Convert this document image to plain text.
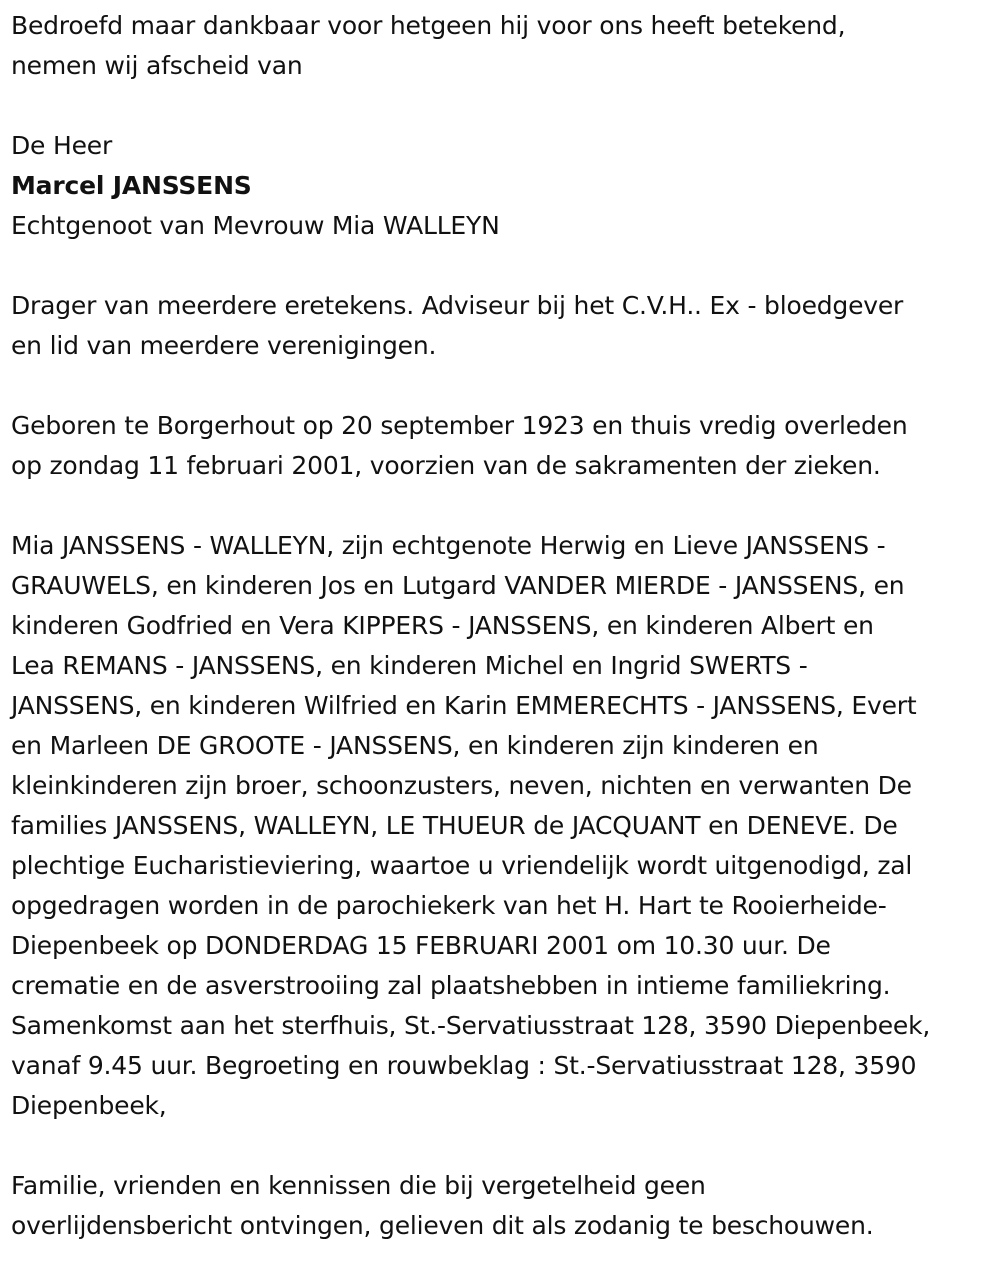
Bedroefd maar dankbaar voor hetgeen hij voor ons heeft betekend,
nemen wij afscheid van

De Heer

Marcel JANSSENS

Echtgenoot van Mevrouw Mia WALLEYN

Drager van meerdere eretekens. Adviseur bij het C.V.H.. Ex - bloedgever
en lid van meerdere verenigingen.

Geboren te Borgerhout op 20 september 1923 en thuis vredig overleden
op zondag 11 februari 2001, voorzien van de sakramenten der zieken.

Mia JANSSENS - WALLEYN, zijn echtgenote Herwig en Lieve JANSSENS -
GRAUWELS, en kinderen Jos en Lutgard VANDER MIERDE - JANSSENS, en
kinderen Godfried en Vera KIPPERS - JANSSENS, en kinderen Albert en
Lea REMANS - JANSSENS, en kinderen Michel en Ingrid SWERTS -
JANSSENS, en kinderen Wilfried en Karin EMMERECHTS - JANSSENS, Evert
en Marleen DE GROOTE - JANSSENS, en kinderen zijn kinderen en
kleinkinderen zijn broer, schoonzusters, neven, nichten en verwanten De
families JANSSENS, WALLEYN, LE THUEUR de JACQUANT en DENEVE. De
plechtige Eucharistieviering, waartoe u vriendelijk wordt uitgenodigd, zal
opgedragen worden in de parochiekerk van het H. Hart te Rooierheide-
Diepenbeek op DONDERDAG 15 FEBRUARI 2001 om 10.30 uur. De
crematie en de asverstrooiing zal plaatshebben in intieme familiekring.
Samenkomst aan het sterfhuis, St.-Servatiusstraat 128, 3590 Diepenbeek,
vanaf 9.45 uur. Begroeting en rouwbeklag : St.-Servatiusstraat 128, 3590
Diepenbeek,

Familie, vrienden en kennissen die bij vergetelheid geen
overlijdensbericht ontvingen, gelieven dit als zodanig te beschouwen.
